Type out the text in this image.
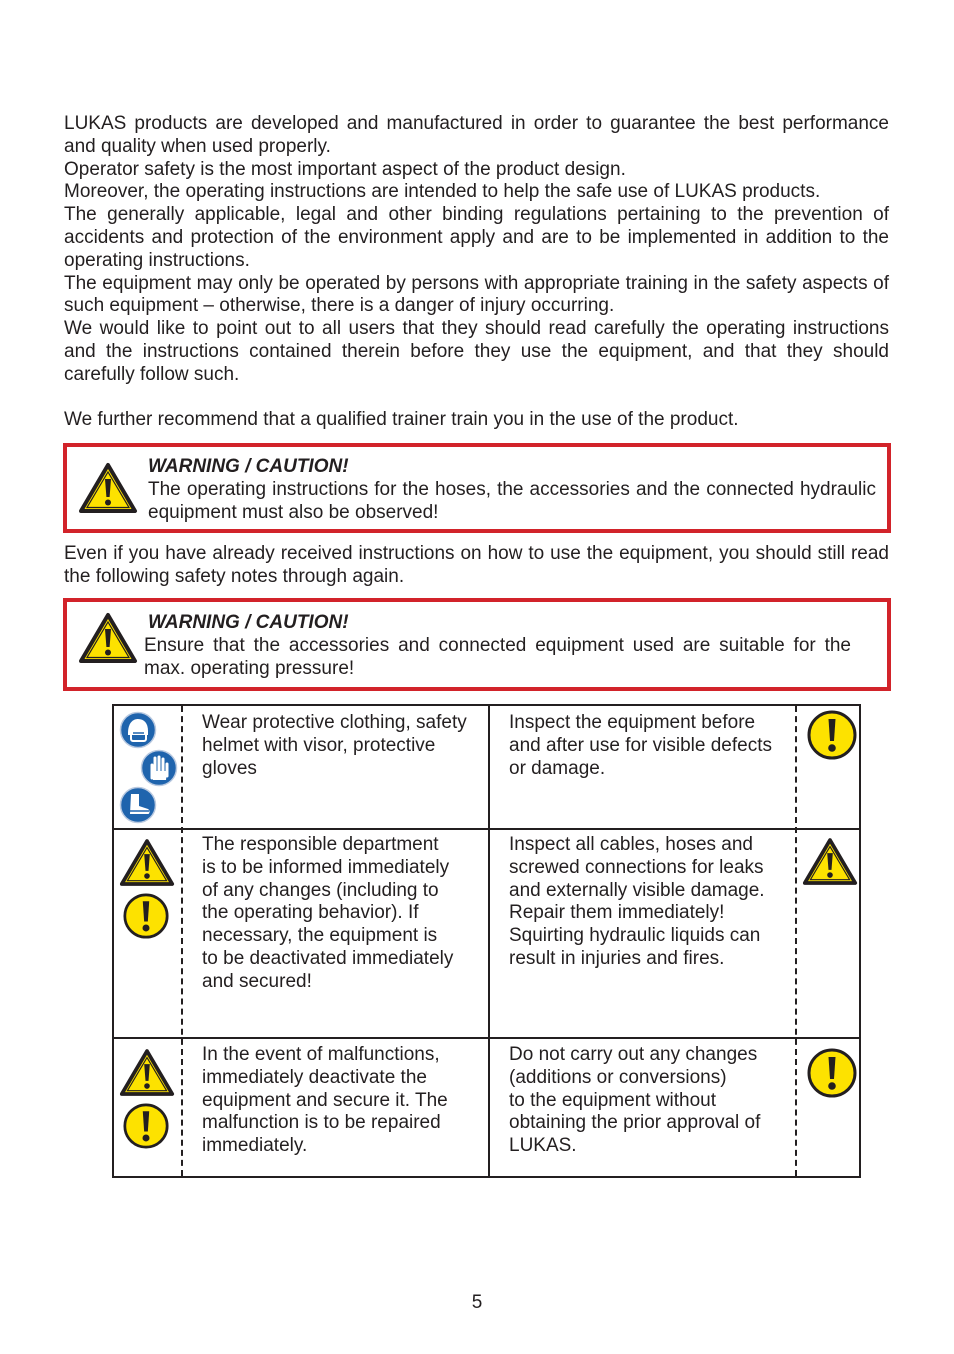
LUKAS products are developed and manufactured in order to guarantee the best performance and quality when used properly.

Operator safety is the most important aspect of the product design.

Moreover, the operating instructions are intended to help the safe use of LUKAS products.

The generally applicable, legal and other binding regulations pertaining to the prevention of accidents and protection of the environment apply and are to be implemented in addition to the operating instructions.

The equipment may only be operated by persons with appropriate training in the safety aspects of such equipment – otherwise, there is a danger of injury occurring.

We would like to point out to all users that they should read carefully the operating instructions and the instructions contained therein before they use the equipment, and that they should carefully follow such.

We further recommend that a qualified trainer train you in the use of the product.

WARNING / CAUTION!
The operating instructions for the hoses, the accessories and the connected hydraulic equipment must also be observed!

Even if you have already received instructions on how to use the equipment, you should still read the following safety notes through again.

WARNING / CAUTION!
Ensure that the accessories and connected equipment used are suitable for the max. operating pressure!
Wear protective clothing, safety
helmet with visor, protective
gloves
Inspect the equipment before
and after use for visible defects
or damage.
The responsible department
is to be informed immediately
of any changes (including to
the operating behavior). If
necessary, the equipment is
to be deactivated immediately
and secured!
Inspect all cables, hoses and
screwed connections for leaks
and externally visible damage.
Repair them immediately!
Squirting hydraulic liquids can
result in injuries and fires.
In the event of malfunctions,
immediately deactivate the
equipment and secure it. The
malfunction is to be repaired
immediately.
Do not carry out any changes
(additions or conversions)
to the equipment without
obtaining the prior approval of
LUKAS.
5
